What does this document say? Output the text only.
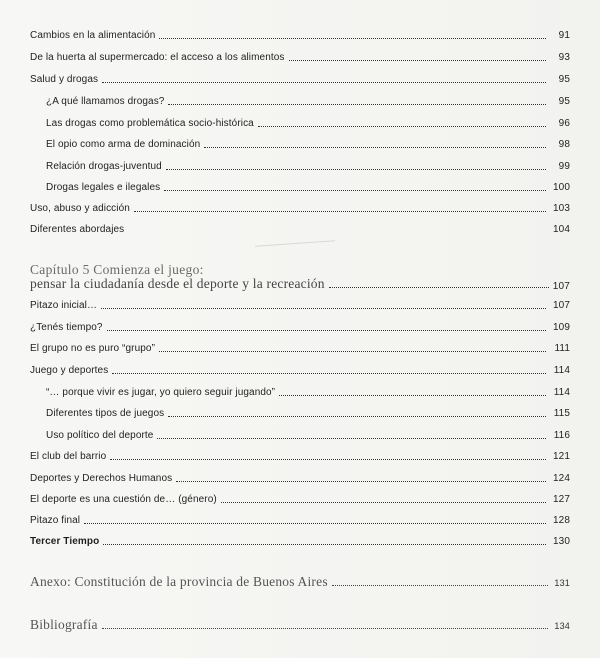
Cambios en la alimentación	91
De la huerta al supermercado: el acceso a los alimentos	93
Salud y drogas	95
¿A qué llamamos drogas?	95
Las drogas como problemática socio-histórica	96
El opio como arma de dominación	98
Relación drogas-juventud	99
Drogas legales e ilegales	100
Uso, abuso y adicción	103
Diferentes abordajes	104
Capítulo 5 Comienza el juego:
pensar la ciudadanía desde el deporte y la recreación	107
Pitazo inicial…	107
¿Tenés tiempo?	109
El grupo no es puro “grupo”	111
Juego y deportes	114
“… porque vivir es jugar, yo quiero seguir jugando”	114
Diferentes tipos de juegos	115
Uso político del deporte	116
El club del barrio	121
Deportes y Derechos Humanos	124
El deporte es una cuestión de… (género)	127
Pitazo final	128
Tercer Tiempo	130
Anexo: Constitución de la provincia de Buenos Aires	131
Bibliografía	134
